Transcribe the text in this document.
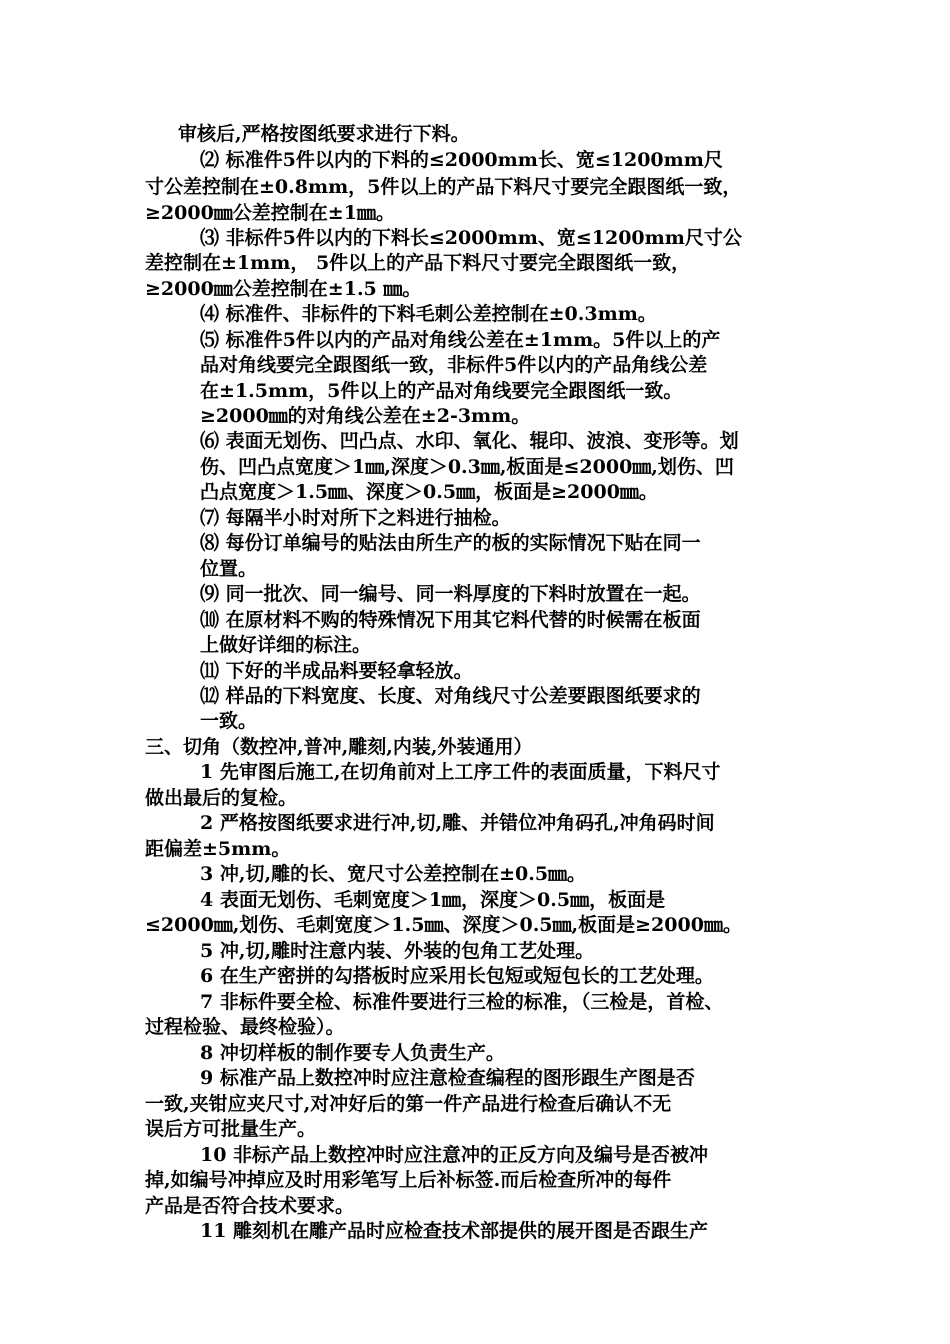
审核后,严格按图纸要求进行下料。
⑵ 标准件5件以内的下料的≤2000mm长、宽≤1200mm尺
寸公差控制在±0.8mm，5件以上的产品下料尺寸要完全跟图纸一致，
≥2000㎜公差控制在±1㎜。
⑶ 非标件5件以内的下料长≤2000mm、宽≤1200mm尺寸公
差控制在±1mm， 5件以上的产品下料尺寸要完全跟图纸一致，
≥2000㎜公差控制在±1.5 ㎜。
⑷ 标准件、非标件的下料毛刺公差控制在±0.3mm。
⑸ 标准件5件以内的产品对角线公差在±1mm。5件以上的产
品对角线要完全跟图纸一致，非标件5件以内的产品角线公差
在±1.5mm，5件以上的产品对角线要完全跟图纸一致。
≥2000㎜的对角线公差在±2-3mm。
⑹ 表面无划伤、凹凸点、水印、氧化、辊印、波浪、变形等。划
伤、凹凸点宽度＞1㎜,深度＞0.3㎜,板面是≤2000㎜,划伤、凹
凸点宽度＞1.5㎜、深度＞0.5㎜，板面是≥2000㎜。
⑺ 每隔半小时对所下之料进行抽检。
⑻ 每份订单编号的贴法由所生产的板的实际情况下贴在同一
位置。
⑼ 同一批次、同一编号、同一料厚度的下料时放置在一起。
⑽ 在原材料不购的特殊情况下用其它料代替的时候需在板面
上做好详细的标注。
⑾ 下好的半成品料要轻拿轻放。
⑿ 样品的下料宽度、长度、对角线尺寸公差要跟图纸要求的
一致。
三、切角（数控冲,普冲,雕刻,内装,外装通用）
1 先审图后施工,在切角前对上工序工件的表面质量，下料尺寸
做出最后的复检。
2 严格按图纸要求进行冲,切,雕、并错位冲角码孔,冲角码时间
距偏差±5mm。
3 冲,切,雕的长、宽尺寸公差控制在±0.5㎜。
4 表面无划伤、毛刺宽度＞1㎜，深度＞0.5㎜，板面是
≤2000㎜,划伤、毛刺宽度＞1.5㎜、深度＞0.5㎜,板面是≥2000㎜。
5 冲,切,雕时注意内装、外装的包角工艺处理。
6 在生产密拼的勾搭板时应采用长包短或短包长的工艺处理。
7 非标件要全检、标准件要进行三检的标准，（三检是，首检、
过程检验、最终检验）。
8 冲切样板的制作要专人负责生产。
9 标准产品上数控冲时应注意检查编程的图形跟生产图是否
一致,夹钳应夹尺寸,对冲好后的第一件产品进行检查后确认不无
误后方可批量生产。
10 非标产品上数控冲时应注意冲的正反方向及编号是否被冲
掉,如编号冲掉应及时用彩笔写上后补标签.而后检查所冲的每件
产品是否符合技术要求。
11 雕刻机在雕产品时应检查技术部提供的展开图是否跟生产
